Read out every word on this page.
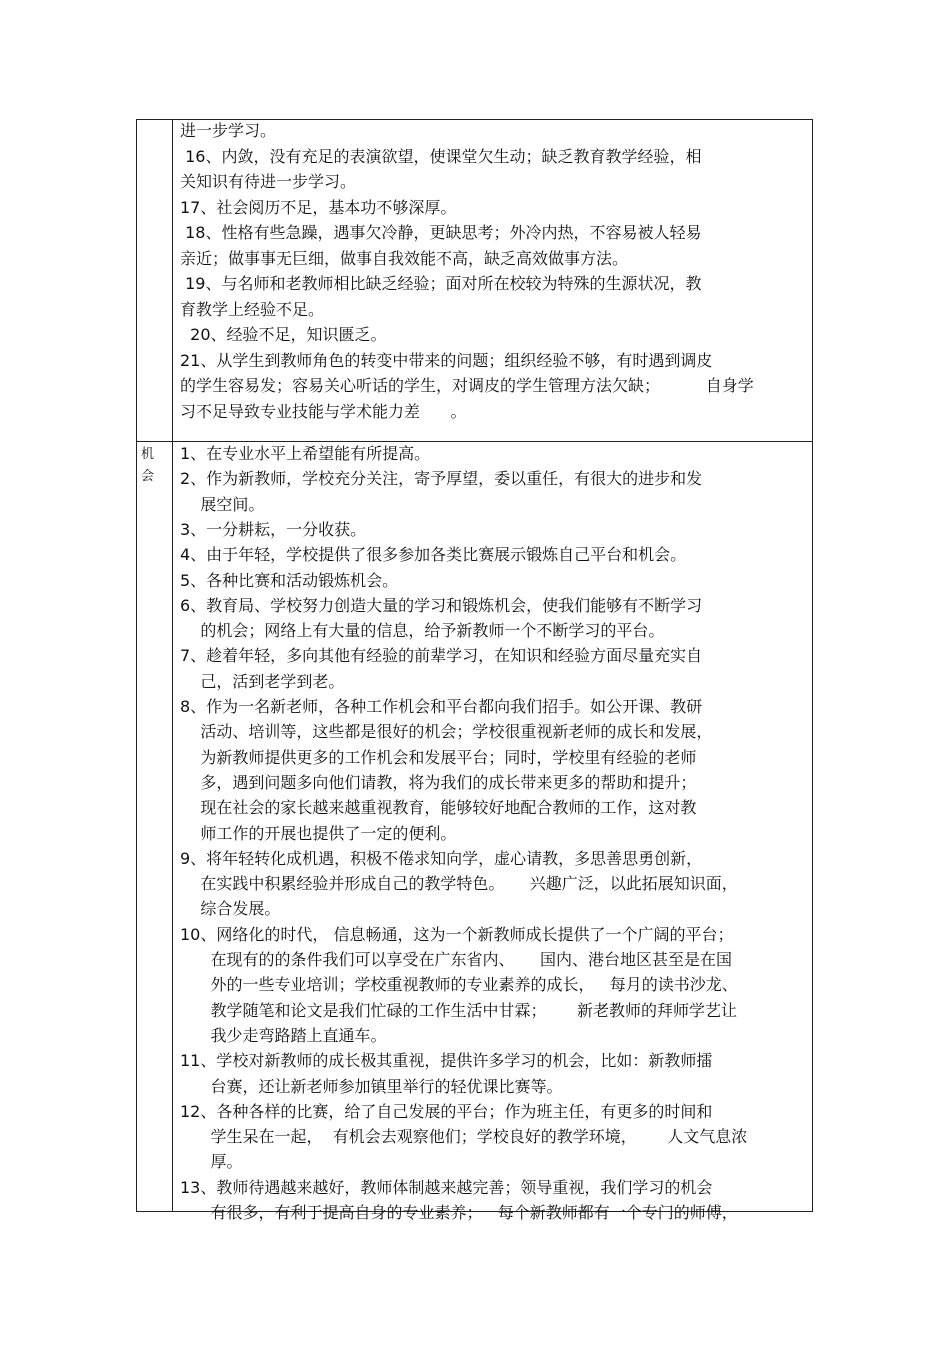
进一步学习。
16、内敛，没有充足的表演欲望，使课堂欠生动；缺乏教育教学经验，相
关知识有待进一步学习。
17、社会阅历不足，基本功不够深厚。
18、性格有些急躁，遇事欠冷静，更缺思考；外冷内热，不容易被人轻易
亲近；做事事无巨细，做事自我效能不高，缺乏高效做事方法。
19、与名师和老教师相比缺乏经验；面对所在校较为特殊的生源状况，教
育教学上经验不足。
20、经验不足，知识匮乏。
21、从学生到教师角色的转变中带来的问题；组织经验不够，有时遇到调皮
的学生容易发；容易关心听话的学生，对调皮的学生管理方法欠缺；         自身学
习不足导致专业技能与学术能力差      。
机
会
1、在专业水平上希望能有所提高。
2、作为新教师，学校充分关注，寄予厚望，委以重任，有很大的进步和发
展空间。
3、一分耕耘，一分收获。
4、由于年轻，学校提供了很多参加各类比赛展示锻炼自己平台和机会。
5、各种比赛和活动锻炼机会。
6、教育局、学校努力创造大量的学习和锻炼机会，使我们能够有不断学习
的机会；网络上有大量的信息，给予新教师一个不断学习的平台。
7、趁着年轻，多向其他有经验的前辈学习，在知识和经验方面尽量充实自
己，活到老学到老。
8、作为一名新老师，各种工作机会和平台都向我们招手。如公开课、教研
活动、培训等，这些都是很好的机会；学校很重视新老师的成长和发展，
为新教师提供更多的工作机会和发展平台；同时，学校里有经验的老师
多，遇到问题多向他们请教，将为我们的成长带来更多的帮助和提升；
现在社会的家长越来越重视教育，能够较好地配合教师的工作，这对教
师工作的开展也提供了一定的便利。
9、将年轻转化成机遇，积极不倦求知向学，虚心请教，多思善思勇创新，
在实践中积累经验并形成自己的教学特色。     兴趣广泛，以此拓展知识面，
综合发展。
10、网络化的时代， 信息畅通，这为一个新教师成长提供了一个广阔的平台；
在现有的的条件我们可以享受在广东省内、     国内、港台地区甚至是在国
外的一些专业培训；学校重视教师的专业素养的成长，   每月的读书沙龙、
教学随笔和论文是我们忙碌的工作生活中甘霖；      新老教师的拜师学艺让
我少走弯路踏上直通车。
11、学校对新教师的成长极其重视，提供许多学习的机会，比如：新教师擂
台赛，还让新老师参加镇里举行的轻优课比赛等。
12、各种各样的比赛，给了自己发展的平台；作为班主任，有更多的时间和
学生呆在一起，  有机会去观察他们；学校良好的教学环境，      人文气息浓
厚。
13、教师待遇越来越好，教师体制越来越完善；领导重视，我们学习的机会
有很多，有利于提高自身的专业素养；   每个新教师都有一个专门的师傅，
